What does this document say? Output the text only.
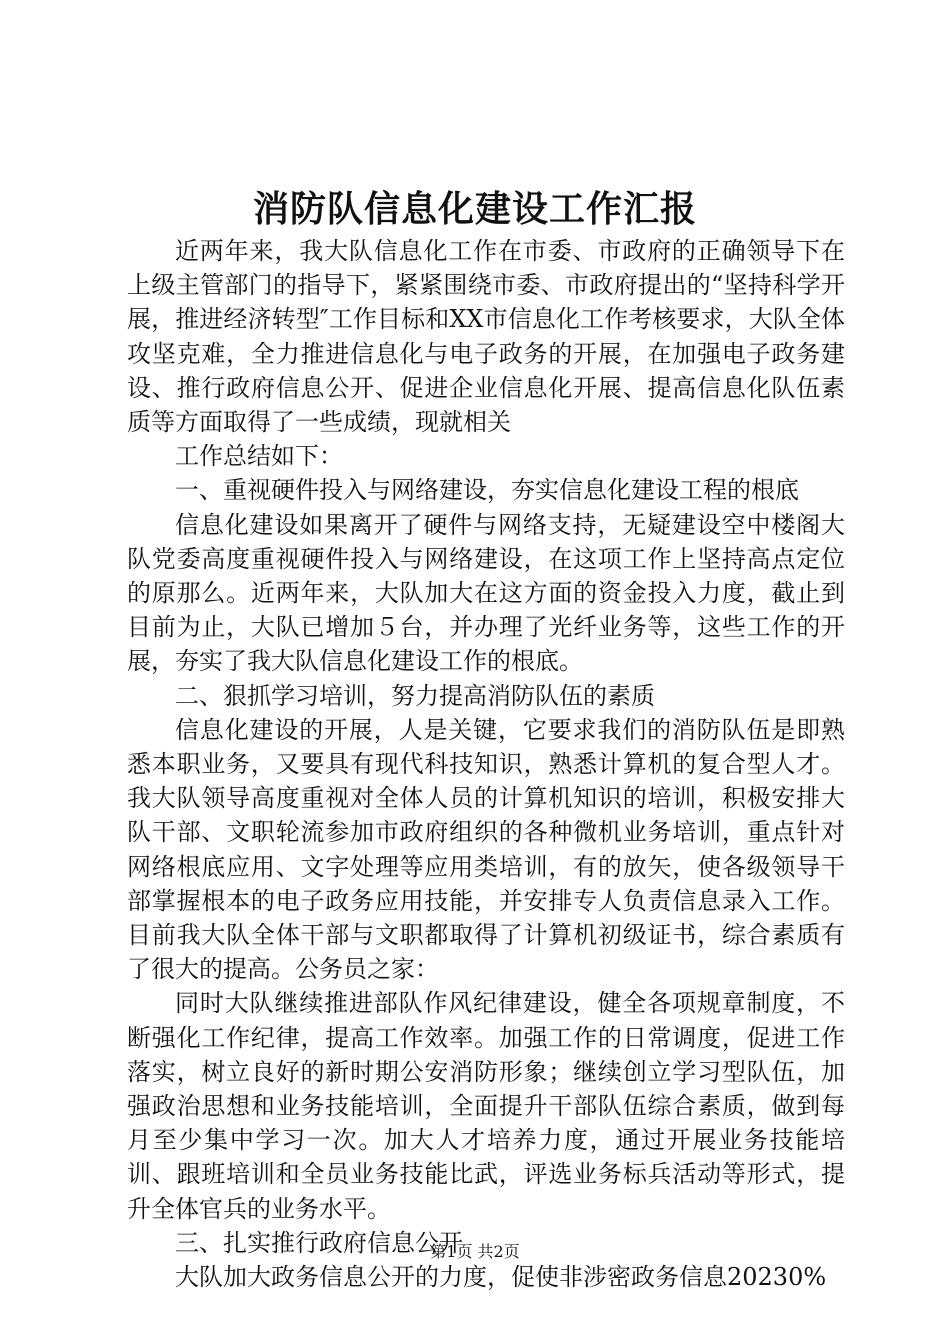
消防队信息化建设工作汇报

近两年来，我大队信息化工作在市委、市政府的正确领导下在上级主管部门的指导下，紧紧围绕市委、市政府提出的“坚持科学开展，推进经济转型″工作目标和XX市信息化工作考核要求，大队全体攻坚克难，全力推进信息化与电子政务的开展，在加强电子政务建设、推行政府信息公开、促进企业信息化开展、提高信息化队伍素质等方面取得了一些成绩，现就相关

工作总结如下：

一、重视硬件投入与网络建设，夯实信息化建设工程的根底

信息化建设如果离开了硬件与网络支持，无疑建设空中楼阁大队党委高度重视硬件投入与网络建设，在这项工作上坚持高点定位的原那么。近两年来，大队加大在这方面的资金投入力度，截止到目前为止，大队已增加５台，并办理了光纤业务等，这些工作的开展，夯实了我大队信息化建设工作的根底。

二、狠抓学习培训，努力提高消防队伍的素质

信息化建设的开展，人是关键，它要求我们的消防队伍是即熟悉本职业务，又要具有现代科技知识，熟悉计算机的复合型人才。我大队领导高度重视对全体人员的计算机知识的培训，积极安排大队干部、文职轮流参加市政府组织的各种微机业务培训，重点针对网络根底应用、文字处理等应用类培训，有的放矢，使各级领导干部掌握根本的电子政务应用技能，并安排专人负责信息录入工作。目前我大队全体干部与文职都取得了计算机初级证书，综合素质有了很大的提高。公务员之家：

同时大队继续推进部队作风纪律建设，健全各项规章制度，不断强化工作纪律，提高工作效率。加强工作的日常调度，促进工作落实，树立良好的新时期公安消防形象；继续创立学习型队伍，加强政治思想和业务技能培训，全面提升干部队伍综合素质，做到每月至少集中学习一次。加大人才培养力度，通过开展业务技能培训、跟班培训和全员业务技能比武，评选业务标兵活动等形式，提升全体官兵的业务水平。

三、扎实推行政府信息公开

大队加大政务信息公开的力度，促使非涉密政务信息20230%

第1页 共2页
